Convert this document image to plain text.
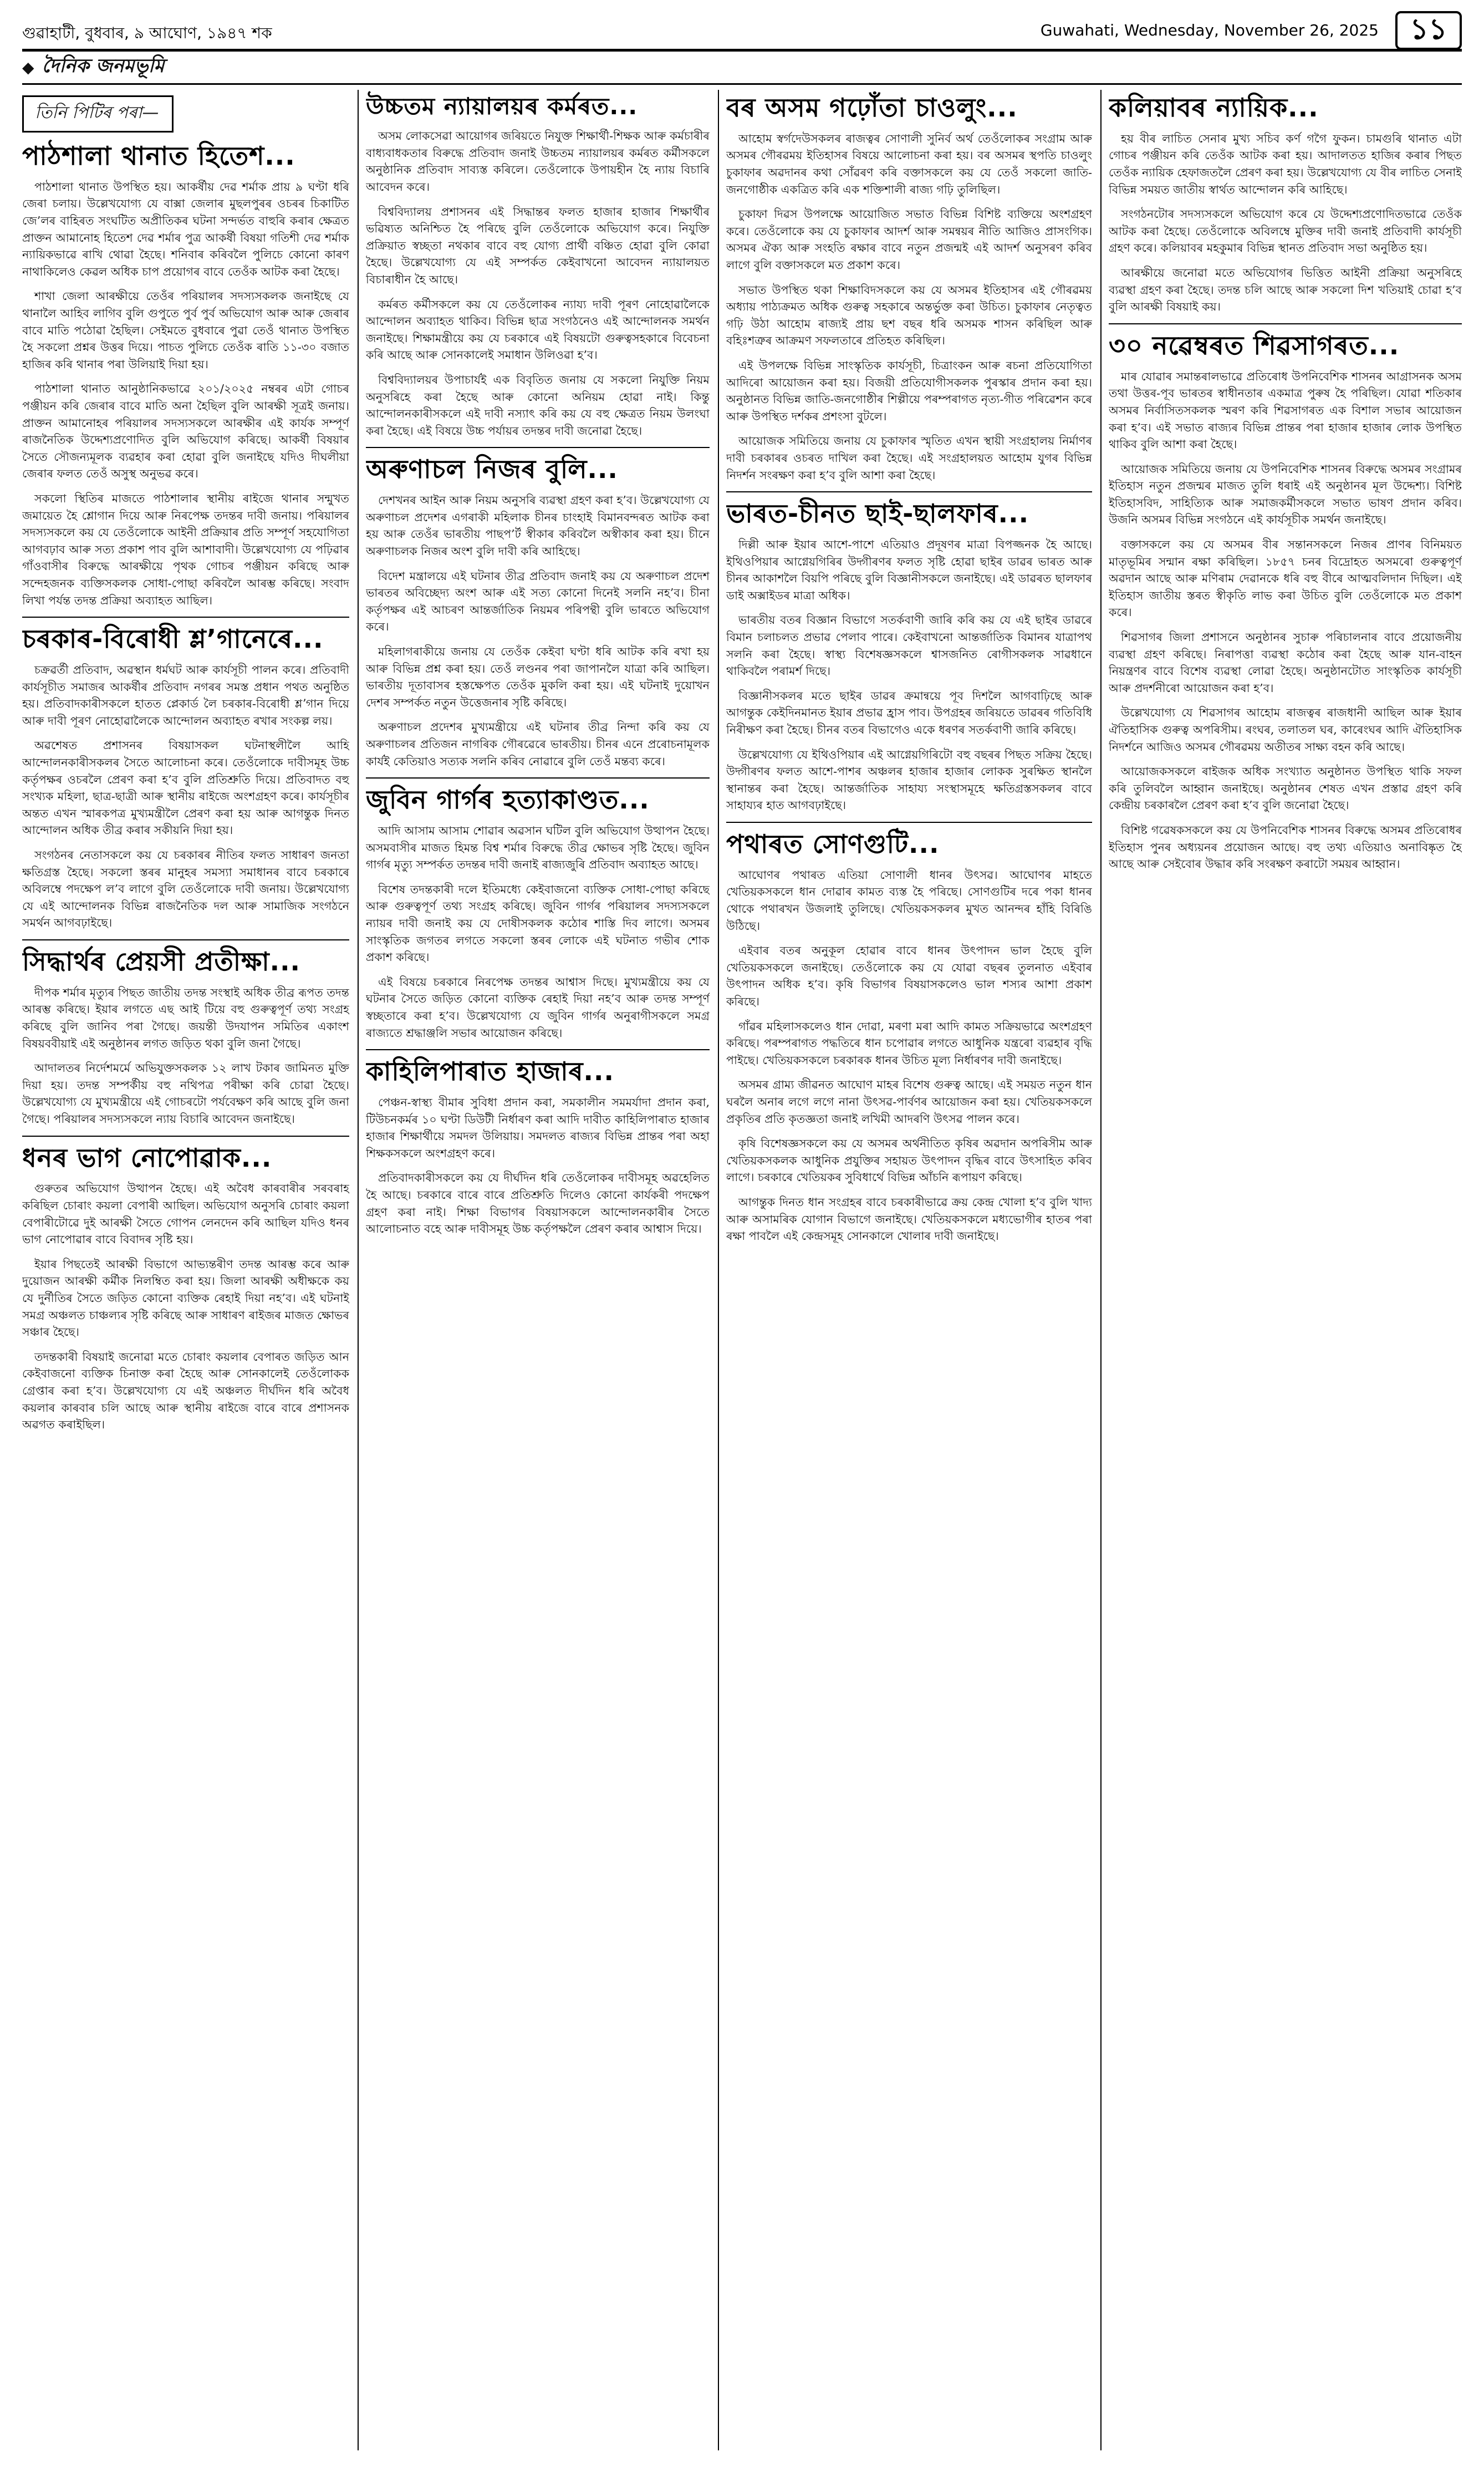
গুৱাহাটী, বুধবাৰ, ৯ আঘোণ, ১৯৪৭ শক	Guwahati, Wednesday, November 26, 2025	১১
◆ দৈনিক জনমভূমি
তিনি পিটিৰ পৰা—
পাঠশালা থানাত হিতেশ...

পাঠশালা থানাত উপস্থিত হয়। আকৰ্ষীয় দেৱ শৰ্মাক প্ৰায় ৯ ঘণ্টা ধৰি জেৰা চলায়। উল্লেখযোগ্য যে বাক্সা জেলাৰ মুছলপুৰৰ ওচৰৰ চিকাটিত জে’লৰ বাহিৰত সংঘটিত অপ্ৰীতিকৰ ঘটনা সন্দৰ্ভত বাহুৰি কৰাৰ ক্ষেত্ৰত প্ৰাক্তন আমানোহ হিতেশ দেৱ শৰ্মাৰ পুত্ৰ আকৰ্ষী বিষয়া গতিশী দেৱ শৰ্মাক ন্যায়িকভাৱে ৰাখি থোৱা হৈছে। শনিবাৰ কৰিবলৈ পুলিচে কোনো কাৰণ নাথাকিলেও কেৱল অধিক চাপ প্ৰয়োগৰ বাবে তেওঁক আটক কৰা হৈছে।

শাখা জেলা আৰক্ষীয়ে তেওঁৰ পৰিয়ালৰ সদস্যসকলক জনাইছে যে থানালৈ আহিব লাগিব বুলি গুপুতে পুৰ্ব পুৰ্ব অভিযোগ আৰু আৰু জেৰাৰ বাবে মাতি পঠোৱা হৈছিল। সেইমতে বুধবাৰে পুৱা তেওঁ থানাত উপস্থিত হৈ সকলো প্ৰশ্নৰ উত্তৰ দিয়ে। পাচত পুলিচে তেওঁক ৰাতি ১১-৩০ বজাত হাজিৰ কৰি থানাৰ পৰা উলিয়াই দিয়া হয়।

পাঠশালা থানাত আনুষ্ঠানিকভাৱে ২০১/২০২৫ নম্বৰৰ এটা গোচৰ পঞ্জীয়ন কৰি জেৰাৰ বাবে মাতি অনা হৈছিল বুলি আৰক্ষী সূত্ৰই জনায়। প্ৰাক্তন আমানোহৰ পৰিয়ালৰ সদস্যসকলে আৰক্ষীৰ এই কাৰ্যক সম্পূৰ্ণ ৰাজনৈতিক উদ্দেশ্যপ্ৰণোদিত বুলি অভিযোগ কৰিছে। আকৰ্ষী বিষয়াৰ সৈতে সৌজন্যমূলক ব্যৱহাৰ কৰা হোৱা বুলি জনাইছে যদিও দীঘলীয়া জেৰাৰ ফলত তেওঁ অসুস্থ অনুভৱ কৰে।

সকলো স্থিতিৰ মাজতে পাঠশালাৰ স্থানীয় ৰাইজে থানাৰ সন্মুখত জমায়েত হৈ শ্লোগান দিয়ে আৰু নিৰপেক্ষ তদন্তৰ দাবী জনায়। পৰিয়ালৰ সদস্যসকলে কয় যে তেওঁলোকে আইনী প্ৰক্ৰিয়াৰ প্ৰতি সম্পূৰ্ণ সহযোগিতা আগবঢ়াব আৰু সত্য প্ৰকাশ পাব বুলি আশাবাদী। উল্লেখযোগ্য যে পঢ়িৱাৰ গাঁওবাসীৰ বিৰুদ্ধে আৰক্ষীয়ে পৃথক গোচৰ পঞ্জীয়ন কৰিছে আৰু সন্দেহজনক ব্যক্তিসকলক সোধা-পোছা কৰিবলৈ আৰম্ভ কৰিছে। সংবাদ লিখা পৰ্যন্ত তদন্ত প্ৰক্ৰিয়া অব্যাহত আছিল।

চৰকাৰ-বিৰোধী শ্লʼগানেৰে...

চক্ৰৱৰ্তী প্ৰতিবাদ, অৱস্থান ধৰ্মঘট আৰু কাৰ্যসূচী পালন কৰে। প্ৰতিবাদী কাৰ্যসূচীত সমাজৰ আকৰ্ষীৰ প্ৰতিবাদ নগৰৰ সমস্ত প্ৰধান পথত অনুষ্ঠিত হয়। প্ৰতিবাদকাৰীসকলে হাতত প্লেকাৰ্ড লৈ চৰকাৰ-বিৰোধী শ্লʼগান দিয়ে আৰু দাবী পূৰণ নোহোৱালৈকে আন্দোলন অব্যাহত ৰখাৰ সংকল্প লয়।

অৱশেষত প্ৰশাসনৰ বিষয়াসকল ঘটনাস্থলীলৈ আহি আন্দোলনকাৰীসকলৰ সৈতে আলোচনা কৰে। তেওঁলোকে দাবীসমূহ উচ্চ কৰ্তৃপক্ষৰ ওচৰলৈ প্ৰেৰণ কৰা হ’ব বুলি প্ৰতিশ্ৰুতি দিয়ে। প্ৰতিবাদত বহু সংখ্যক মহিলা, ছাত্ৰ-ছাত্ৰী আৰু স্থানীয় ৰাইজে অংশগ্ৰহণ কৰে। কাৰ্যসূচীৰ অন্তত এখন স্মাৰকপত্ৰ মুখ্যমন্ত্ৰীলৈ প্ৰেৰণ কৰা হয় আৰু আগন্তুক দিনত আন্দোলন অধিক তীব্ৰ কৰাৰ সকীয়নি দিয়া হয়।

সংগঠনৰ নেতাসকলে কয় যে চৰকাৰৰ নীতিৰ ফলত সাধাৰণ জনতা ক্ষতিগ্ৰস্ত হৈছে। সকলো স্তৰৰ মানুহৰ সমস্যা সমাধানৰ বাবে চৰকাৰে অবিলম্বে পদক্ষেপ ল’ব লাগে বুলি তেওঁলোকে দাবী জনায়। উল্লেখযোগ্য যে এই আন্দোলনক বিভিন্ন ৰাজনৈতিক দল আৰু সামাজিক সংগঠনে সমৰ্থন আগবঢ়াইছে।

সিদ্ধাৰ্থৰ প্ৰেয়সী প্ৰতীক্ষা...

দীপক শৰ্মাৰ মৃত্যুৰ পিছত জাতীয় তদন্ত সংস্থাই অধিক তীব্ৰ ৰূপত তদন্ত আৰম্ভ কৰিছে। ইয়াৰ লগতে এছ আই টিয়ে বহু গুৰুত্বপূৰ্ণ তথ্য সংগ্ৰহ কৰিছে বুলি জানিব পৰা গৈছে। জয়ন্তী উদযাপন সমিতিৰ একাংশ বিষয়ববীয়াই এই অনুষ্ঠানৰ লগত জড়িত থকা বুলি জনা গৈছে।

আদালতৰ নিৰ্দেশমৰ্মে অভিযুক্তসকলক ১২ লাখ টকাৰ জামিনত মুক্তি দিয়া হয়। তদন্ত সম্পৰ্কীয় বহু নথিপত্ৰ পৰীক্ষা কৰি চোৱা হৈছে। উল্লেখযোগ্য যে মুখ্যমন্ত্ৰীয়ে এই গোচৰটো পৰ্যবেক্ষণ কৰি আছে বুলি জনা গৈছে। পৰিয়ালৰ সদস্যসকলে ন্যায় বিচাৰি আবেদন জনাইছে।

ধনৰ ভাগ নোপোৱাক...

গুৰুতৰ অভিযোগ উত্থাপন হৈছে। এই অবৈধ কাৰবাৰীৰ সৰবৰাহ কৰিছিল চোৰাং কয়লা বেপাৰী আছিল। অভিযোগ অনুসৰি চোৰাং কয়লা বেপাৰীটোৱে দুই আৰক্ষী সৈতে গোপন লেনদেন কৰি আছিল যদিও ধনৰ ভাগ নোপোৱাৰ বাবে বিবাদৰ সৃষ্টি হয়।

ইয়াৰ পিছতেই আৰক্ষী বিভাগে আভ্যন্তৰীণ তদন্ত আৰম্ভ কৰে আৰু দুয়োজন আৰক্ষী কৰ্মীক নিলম্বিত কৰা হয়। জিলা আৰক্ষী অধীক্ষকে কয় যে দুৰ্নীতিৰ সৈতে জড়িত কোনো ব্যক্তিক ৰেহাই দিয়া নহ’ব। এই ঘটনাই সমগ্ৰ অঞ্চলত চাঞ্চল্যৰ সৃষ্টি কৰিছে আৰু সাধাৰণ ৰাইজৰ মাজত ক্ষোভৰ সঞ্চাৰ হৈছে।

তদন্তকাৰী বিষয়াই জনোৱা মতে চোৰাং কয়লাৰ বেপাৰত জড়িত আন কেইবাজনো ব্যক্তিক চিনাক্ত কৰা হৈছে আৰু সোনকালেই তেওঁলোকক গ্ৰেপ্তাৰ কৰা হ’ব। উল্লেখযোগ্য যে এই অঞ্চলত দীৰ্ঘদিন ধৰি অবৈধ কয়লাৰ কাৰবাৰ চলি আছে আৰু স্থানীয় ৰাইজে বাৰে বাৰে প্ৰশাসনক অৱগত কৰাইছিল।

উচ্চতম ন্যায়ালয়ৰ কৰ্মৰত...

অসম লোকসেৱা আয়োগৰ জৰিয়তে নিযুক্ত শিক্ষাৰ্থী-শিক্ষক আৰু কৰ্মচাৰীৰ বাধ্যবাধকতাৰ বিৰুদ্ধে প্ৰতিবাদ জনাই উচ্চতম ন্যায়ালয়ৰ কৰ্মৰত কৰ্মীসকলে অনুষ্ঠানিক প্ৰতিবাদ সাব্যস্ত কৰিলে। তেওঁলোকে উপায়হীন হৈ ন্যায় বিচাৰি আবেদন কৰে।

বিশ্ববিদ্যালয় প্ৰশাসনৰ এই সিদ্ধান্তৰ ফলত হাজাৰ হাজাৰ শিক্ষাৰ্থীৰ ভৱিষ্যত অনিশ্চিত হৈ পৰিছে বুলি তেওঁলোকে অভিযোগ কৰে। নিযুক্তি প্ৰক্ৰিয়াত স্বচ্ছতা নথকাৰ বাবে বহু যোগ্য প্ৰাৰ্থী বঞ্চিত হোৱা বুলি কোৱা হৈছে। উল্লেখযোগ্য যে এই সম্পৰ্কত কেইবাখনো আবেদন ন্যায়ালয়ত বিচাৰাধীন হৈ আছে।

কৰ্মৰত কৰ্মীসকলে কয় যে তেওঁলোকৰ ন্যায্য দাবী পূৰণ নোহোৱালৈকে আন্দোলন অব্যাহত থাকিব। বিভিন্ন ছাত্ৰ সংগঠনেও এই আন্দোলনক সমৰ্থন জনাইছে। শিক্ষামন্ত্ৰীয়ে কয় যে চৰকাৰে এই বিষয়টো গুৰুত্বসহকাৰে বিবেচনা কৰি আছে আৰু সোনকালেই সমাধান উলিওৱা হ’ব।

বিশ্ববিদ্যালয়ৰ উপাচাৰ্যই এক বিবৃতিত জনায় যে সকলো নিযুক্তি নিয়ম অনুসৰিহে কৰা হৈছে আৰু কোনো অনিয়ম হোৱা নাই। কিন্তু আন্দোলনকাৰীসকলে এই দাবী নস্যাৎ কৰি কয় যে বহু ক্ষেত্ৰত নিয়ম উলংঘা কৰা হৈছে। এই বিষয়ে উচ্চ পৰ্যায়ৰ তদন্তৰ দাবী জনোৱা হৈছে।

অৰুণাচল নিজৰ বুলি...

দেশখনৰ আইন আৰু নিয়ম অনুসৰি ব্যৱস্থা গ্ৰহণ কৰা হ’ব। উল্লেখযোগ্য যে অৰুণাচল প্ৰদেশৰ এগৰাকী মহিলাক চীনৰ চাংহাই বিমানবন্দৰত আটক কৰা হয় আৰু তেওঁৰ ভাৰতীয় পাছপ’ৰ্ট স্বীকাৰ কৰিবলৈ অস্বীকাৰ কৰা হয়। চীনে অৰুণাচলক নিজৰ অংশ বুলি দাবী কৰি আহিছে।

বিদেশ মন্ত্ৰালয়ে এই ঘটনাৰ তীব্ৰ প্ৰতিবাদ জনাই কয় যে অৰুণাচল প্ৰদেশ ভাৰতৰ অবিচ্ছেদ্য অংশ আৰু এই সত্য কোনো দিনেই সলনি নহ’ব। চীনা কৰ্তৃপক্ষৰ এই আচৰণ আন্তৰ্জাতিক নিয়মৰ পৰিপন্থী বুলি ভাৰতে অভিযোগ কৰে।

মহিলাগৰাকীয়ে জনায় যে তেওঁক কেইবা ঘণ্টা ধৰি আটক কৰি ৰখা হয় আৰু বিভিন্ন প্ৰশ্ন কৰা হয়। তেওঁ লণ্ডনৰ পৰা জাপানলৈ যাত্ৰা কৰি আছিল। ভাৰতীয় দূতাবাসৰ হস্তক্ষেপত তেওঁক মুকলি কৰা হয়। এই ঘটনাই দুয়োখন দেশৰ সম্পৰ্কত নতুন উত্তেজনাৰ সৃষ্টি কৰিছে।

অৰুণাচল প্ৰদেশৰ মুখ্যমন্ত্ৰীয়ে এই ঘটনাৰ তীব্ৰ নিন্দা কৰি কয় যে অৰুণাচলৰ প্ৰতিজন নাগৰিক গৌৰৱেৰে ভাৰতীয়। চীনৰ এনে প্ৰৰোচনামূলক কাৰ্যই কেতিয়াও সত্যক সলনি কৰিব নোৱাৰে বুলি তেওঁ মন্তব্য কৰে।

জুবিন গাৰ্গৰ হত্যাকাণ্ডত...

আদি আসাম আসাম শোৱাৰ অৱসান ঘটিল বুলি অভিযোগ উত্থাপন হৈছে। অসমবাসীৰ মাজত হিমন্ত বিশ্ব শৰ্মাৰ বিৰুদ্ধে তীব্ৰ ক্ষোভৰ সৃষ্টি হৈছে। জুবিন গাৰ্গৰ মৃত্যু সম্পৰ্কত তদন্তৰ দাবী জনাই ৰাজ্যজুৰি প্ৰতিবাদ অব্যাহত আছে।

বিশেষ তদন্তকাৰী দলে ইতিমধ্যে কেইবাজনো ব্যক্তিক সোধা-পোছা কৰিছে আৰু গুৰুত্বপূৰ্ণ তথ্য সংগ্ৰহ কৰিছে। জুবিন গাৰ্গৰ পৰিয়ালৰ সদস্যসকলে ন্যায়ৰ দাবী জনাই কয় যে দোষীসকলক কঠোৰ শাস্তি দিব লাগে। অসমৰ সাংস্কৃতিক জগতৰ লগতে সকলো স্তৰৰ লোকে এই ঘটনাত গভীৰ শোক প্ৰকাশ কৰিছে।

এই বিষয়ে চৰকাৰে নিৰপেক্ষ তদন্তৰ আশ্বাস দিছে। মুখ্যমন্ত্ৰীয়ে কয় যে ঘটনাৰ সৈতে জড়িত কোনো ব্যক্তিক ৰেহাই দিয়া নহ’ব আৰু তদন্ত সম্পূৰ্ণ স্বচ্ছতাৰে কৰা হ’ব। উল্লেখযোগ্য যে জুবিন গাৰ্গৰ অনুৰাগীসকলে সমগ্ৰ ৰাজ্যতে শ্ৰদ্ধাঞ্জলি সভাৰ আয়োজন কৰিছে।

কাহিলিপাৰাত হাজাৰ...

পেঞ্চন-স্বাস্থ্য বীমাৰ সুবিধা প্ৰদান কৰা, সমকালীন সমমৰ্যাদা প্ৰদান কৰা, টিউচনকৰ্মৰ ১০ ঘণ্টা ডিউটী নিৰ্ধাৰণ কৰা আদি দাবীত কাহিলিপাৰাত হাজাৰ হাজাৰ শিক্ষাৰ্থীয়ে সমদল উলিয়ায়। সমদলত ৰাজ্যৰ বিভিন্ন প্ৰান্তৰ পৰা অহা শিক্ষকসকলে অংশগ্ৰহণ কৰে।

প্ৰতিবাদকাৰীসকলে কয় যে দীৰ্ঘদিন ধৰি তেওঁলোকৰ দাবীসমূহ অৱহেলিত হৈ আছে। চৰকাৰে বাৰে বাৰে প্ৰতিশ্ৰুতি দিলেও কোনো কাৰ্যকৰী পদক্ষেপ গ্ৰহণ কৰা নাই। শিক্ষা বিভাগৰ বিষয়াসকলে আন্দোলনকাৰীৰ সৈতে আলোচনাত বহে আৰু দাবীসমূহ উচ্চ কৰ্তৃপক্ষলৈ প্ৰেৰণ কৰাৰ আশ্বাস দিয়ে।

বৰ অসম গঢ়োঁতা চাওলুং...

আহোম স্বৰ্গদেউসকলৰ ৰাজত্বৰ সোণালী সুনিৰ্ব অৰ্থ তেওঁলোকৰ সংগ্ৰাম আৰু অসমৰ গৌৰৱময় ইতিহাসৰ বিষয়ে আলোচনা কৰা হয়। বৰ অসমৰ স্থপতি চাওলুং চুকাফাৰ অৱদানৰ কথা সোঁৱৰণ কৰি বক্তাসকলে কয় যে তেওঁ সকলো জাতি-জনগোষ্ঠীক একত্ৰিত কৰি এক শক্তিশালী ৰাজ্য গঢ়ি তুলিছিল।

চুকাফা দিৱস উপলক্ষে আয়োজিত সভাত বিভিন্ন বিশিষ্ট ব্যক্তিয়ে অংশগ্ৰহণ কৰে। তেওঁলোকে কয় যে চুকাফাৰ আদৰ্শ আৰু সমন্বয়ৰ নীতি আজিও প্ৰাসংগিক। অসমৰ ঐক্য আৰু সংহতি ৰক্ষাৰ বাবে নতুন প্ৰজন্মই এই আদৰ্শ অনুসৰণ কৰিব লাগে বুলি বক্তাসকলে মত প্ৰকাশ কৰে।

সভাত উপস্থিত থকা শিক্ষাবিদসকলে কয় যে অসমৰ ইতিহাসৰ এই গৌৰৱময় অধ্যায় পাঠ্যক্ৰমত অধিক গুৰুত্ব সহকাৰে অন্তৰ্ভুক্ত কৰা উচিত। চুকাফাৰ নেতৃত্বত গঢ়ি উঠা আহোম ৰাজ্যই প্ৰায় ছশ বছৰ ধৰি অসমক শাসন কৰিছিল আৰু বহিঃশত্ৰুৰ আক্ৰমণ সফলতাৰে প্ৰতিহত কৰিছিল।

এই উপলক্ষে বিভিন্ন সাংস্কৃতিক কাৰ্যসূচী, চিত্ৰাংকন আৰু ৰচনা প্ৰতিযোগিতা আদিৰো আয়োজন কৰা হয়। বিজয়ী প্ৰতিযোগীসকলক পুৰস্কাৰ প্ৰদান কৰা হয়। অনুষ্ঠানত বিভিন্ন জাতি-জনগোষ্ঠীৰ শিল্পীয়ে পৰম্পৰাগত নৃত্য-গীত পৰিৱেশন কৰে আৰু উপস্থিত দৰ্শকৰ প্ৰশংসা বুটলে।

আয়োজক সমিতিয়ে জনায় যে চুকাফাৰ স্মৃতিত এখন স্থায়ী সংগ্ৰহালয় নিৰ্মাণৰ দাবী চৰকাৰৰ ওচৰত দাখিল কৰা হৈছে। এই সংগ্ৰহালয়ত আহোম যুগৰ বিভিন্ন নিদৰ্শন সংৰক্ষণ কৰা হ’ব বুলি আশা কৰা হৈছে।

ভাৰত-চীনত ছাই-ছালফাৰ...

দিল্লী আৰু ইয়াৰ আশে-পাশে এতিয়াও প্ৰদূষণৰ মাত্ৰা বিপজ্জনক হৈ আছে। ইথিওপিয়াৰ আগ্নেয়গিৰিৰ উদ্গীৰণৰ ফলত সৃষ্টি হোৱা ছাইৰ ডাৱৰ ভাৰত আৰু চীনৰ আকাশলৈ বিয়পি পৰিছে বুলি বিজ্ঞানীসকলে জনাইছে। এই ডাৱৰত ছালফাৰ ডাই অক্সাইডৰ মাত্ৰা অধিক।

ভাৰতীয় বতৰ বিজ্ঞান বিভাগে সতৰ্কবাণী জাৰি কৰি কয় যে এই ছাইৰ ডাৱৰে বিমান চলাচলত প্ৰভাৱ পেলাব পাৰে। কেইবাখনো আন্তৰ্জাতিক বিমানৰ যাত্ৰাপথ সলনি কৰা হৈছে। স্বাস্থ্য বিশেষজ্ঞসকলে শ্বাসজনিত ৰোগীসকলক সাৱধানে থাকিবলৈ পৰামৰ্শ দিছে।

বিজ্ঞানীসকলৰ মতে ছাইৰ ডাৱৰ ক্ৰমান্বয়ে পূব দিশলৈ আগবাঢ়িছে আৰু আগন্তুক কেইদিনমানত ইয়াৰ প্ৰভাৱ হ্ৰাস পাব। উপগ্ৰহৰ জৰিয়তে ডাৱৰৰ গতিবিধি নিৰীক্ষণ কৰা হৈছে। চীনৰ বতৰ বিভাগেও একে ধৰণৰ সতৰ্কবাণী জাৰি কৰিছে।

উল্লেখযোগ্য যে ইথিওপিয়াৰ এই আগ্নেয়গিৰিটো বহু বছৰৰ পিছত সক্ৰিয় হৈছে। উদ্গীৰণৰ ফলত আশে-পাশৰ অঞ্চলৰ হাজাৰ হাজাৰ লোকক সুৰক্ষিত স্থানলৈ স্থানান্তৰ কৰা হৈছে। আন্তৰ্জাতিক সাহায্য সংস্থাসমূহে ক্ষতিগ্ৰস্তসকলৰ বাবে সাহায্যৰ হাত আগবঢ়াইছে।

পথাৰত সোণগুটি...

আঘোণৰ পথাৰত এতিয়া সোণালী ধানৰ উৎসৱ। আঘোণৰ মাহতে খেতিয়কসকলে ধান দোৱাৰ কামত ব্যস্ত হৈ পৰিছে। সোণগুটিৰ দৰে পকা ধানৰ থোকে পথাৰখন উজলাই তুলিছে। খেতিয়কসকলৰ মুখত আনন্দৰ হাঁহি বিৰিঙি উঠিছে।

এইবাৰ বতৰ অনুকূল হোৱাৰ বাবে ধানৰ উৎপাদন ভাল হৈছে বুলি খেতিয়কসকলে জনাইছে। তেওঁলোকে কয় যে যোৱা বছৰৰ তুলনাত এইবাৰ উৎপাদন অধিক হ’ব। কৃষি বিভাগৰ বিষয়াসকলেও ভাল শস্যৰ আশা প্ৰকাশ কৰিছে।

গাঁৱৰ মহিলাসকলেও ধান দোৱা, মৰণা মৰা আদি কামত সক্ৰিয়ভাৱে অংশগ্ৰহণ কৰিছে। পৰম্পৰাগত পদ্ধতিৰে ধান চপোৱাৰ লগতে আধুনিক যন্ত্ৰৰো ব্যৱহাৰ বৃদ্ধি পাইছে। খেতিয়কসকলে চৰকাৰক ধানৰ উচিত মূল্য নিৰ্ধাৰণৰ দাবী জনাইছে।

অসমৰ গ্ৰাম্য জীৱনত আঘোণ মাহৰ বিশেষ গুৰুত্ব আছে। এই সময়ত নতুন ধান ঘৰলৈ অনাৰ লগে লগে নানা উৎসৱ-পাৰ্বণৰ আয়োজন কৰা হয়। খেতিয়কসকলে প্ৰকৃতিৰ প্ৰতি কৃতজ্ঞতা জনাই লখিমী আদৰণি উৎসৱ পালন কৰে।

কৃষি বিশেষজ্ঞসকলে কয় যে অসমৰ অৰ্থনীতিত কৃষিৰ অৱদান অপৰিসীম আৰু খেতিয়কসকলক আধুনিক প্ৰযুক্তিৰ সহায়ত উৎপাদন বৃদ্ধিৰ বাবে উৎসাহিত কৰিব লাগে। চৰকাৰে খেতিয়কৰ সুবিধাৰ্থে বিভিন্ন আঁচনি ৰূপায়ণ কৰিছে।

আগন্তুক দিনত ধান সংগ্ৰহৰ বাবে চৰকাৰীভাৱে ক্ৰয় কেন্দ্ৰ খোলা হ’ব বুলি খাদ্য আৰু অসামৰিক যোগান বিভাগে জনাইছে। খেতিয়কসকলে মধ্যভোগীৰ হাতৰ পৰা ৰক্ষা পাবলৈ এই কেন্দ্ৰসমূহ সোনকালে খোলাৰ দাবী জনাইছে।

কলিয়াবৰ ন্যায়িক...

হয় বীৰ লাচিত সেনাৰ মুখ্য সচিব কৰ্ণ গগৈ ফুকন। চামগুৰি থানাত এটা গোচৰ পঞ্জীয়ন কৰি তেওঁক আটক কৰা হয়। আদালতত হাজিৰ কৰাৰ পিছত তেওঁক ন্যায়িক হেফাজতলৈ প্ৰেৰণ কৰা হয়। উল্লেখযোগ্য যে বীৰ লাচিত সেনাই বিভিন্ন সময়ত জাতীয় স্বাৰ্থত আন্দোলন কৰি আহিছে।

সংগঠনটোৰ সদস্যসকলে অভিযোগ কৰে যে উদ্দেশ্যপ্ৰণোদিতভাৱে তেওঁক আটক কৰা হৈছে। তেওঁলোকে অবিলম্বে মুক্তিৰ দাবী জনাই প্ৰতিবাদী কাৰ্যসূচী গ্ৰহণ কৰে। কলিয়াবৰ মহকুমাৰ বিভিন্ন স্থানত প্ৰতিবাদ সভা অনুষ্ঠিত হয়।

আৰক্ষীয়ে জনোৱা মতে অভিযোগৰ ভিত্তিত আইনী প্ৰক্ৰিয়া অনুসৰিহে ব্যৱস্থা গ্ৰহণ কৰা হৈছে। তদন্ত চলি আছে আৰু সকলো দিশ খতিয়াই চোৱা হ’ব বুলি আৰক্ষী বিষয়াই কয়।

৩০ নৱেম্বৰত শিৱসাগৰত...

মাৰ যোৱাৰ সমান্তৰালভাৱে প্ৰতিৰোধ উপনিবেশিক শাসনৰ আগ্ৰাসনক অসম তথা উত্তৰ-পূব ভাৰতৰ স্বাধীনতাৰ একমাত্ৰ পুৰুষ হৈ পৰিছিল। যোৱা শতিকাৰ অসমৰ নিৰ্বাসিতসকলক স্মৰণ কৰি শিৱসাগৰত এক বিশাল সভাৰ আয়োজন কৰা হ’ব। এই সভাত ৰাজ্যৰ বিভিন্ন প্ৰান্তৰ পৰা হাজাৰ হাজাৰ লোক উপস্থিত থাকিব বুলি আশা কৰা হৈছে।

আয়োজক সমিতিয়ে জনায় যে উপনিবেশিক শাসনৰ বিৰুদ্ধে অসমৰ সংগ্ৰামৰ ইতিহাস নতুন প্ৰজন্মৰ মাজত তুলি ধৰাই এই অনুষ্ঠানৰ মূল উদ্দেশ্য। বিশিষ্ট ইতিহাসবিদ, সাহিত্যিক আৰু সমাজকৰ্মীসকলে সভাত ভাষণ প্ৰদান কৰিব। উজনি অসমৰ বিভিন্ন সংগঠনে এই কাৰ্যসূচীক সমৰ্থন জনাইছে।

বক্তাসকলে কয় যে অসমৰ বীৰ সন্তানসকলে নিজৰ প্ৰাণৰ বিনিময়ত মাতৃভূমিৰ সন্মান ৰক্ষা কৰিছিল। ১৮৫৭ চনৰ বিদ্ৰোহত অসমৰো গুৰুত্বপূৰ্ণ অৱদান আছে আৰু মণিৰাম দেৱানকে ধৰি বহু বীৰে আত্মবলিদান দিছিল। এই ইতিহাস জাতীয় স্তৰত স্বীকৃতি লাভ কৰা উচিত বুলি তেওঁলোকে মত প্ৰকাশ কৰে।

শিৱসাগৰ জিলা প্ৰশাসনে অনুষ্ঠানৰ সুচাৰু পৰিচালনাৰ বাবে প্ৰয়োজনীয় ব্যৱস্থা গ্ৰহণ কৰিছে। নিৰাপত্তা ব্যৱস্থা কঠোৰ কৰা হৈছে আৰু যান-বাহন নিয়ন্ত্ৰণৰ বাবে বিশেষ ব্যৱস্থা লোৱা হৈছে। অনুষ্ঠানটোত সাংস্কৃতিক কাৰ্যসূচী আৰু প্ৰদৰ্শনীৰো আয়োজন কৰা হ’ব।

উল্লেখযোগ্য যে শিৱসাগৰ আহোম ৰাজত্বৰ ৰাজধানী আছিল আৰু ইয়াৰ ঐতিহাসিক গুৰুত্ব অপৰিসীম। ৰংঘৰ, তলাতল ঘৰ, কাৰেংঘৰ আদি ঐতিহাসিক নিদৰ্শনে আজিও অসমৰ গৌৰৱময় অতীতৰ সাক্ষ্য বহন কৰি আছে।

আয়োজকসকলে ৰাইজক অধিক সংখ্যাত অনুষ্ঠানত উপস্থিত থাকি সফল কৰি তুলিবলৈ আহ্বান জনাইছে। অনুষ্ঠানৰ শেষত এখন প্ৰস্তাৱ গ্ৰহণ কৰি কেন্দ্ৰীয় চৰকাৰলৈ প্ৰেৰণ কৰা হ’ব বুলি জনোৱা হৈছে।

বিশিষ্ট গৱেষকসকলে কয় যে উপনিবেশিক শাসনৰ বিৰুদ্ধে অসমৰ প্ৰতিৰোধৰ ইতিহাস পুনৰ অধ্যয়নৰ প্ৰয়োজন আছে। বহু তথ্য এতিয়াও অনাবিষ্কৃত হৈ আছে আৰু সেইবোৰ উদ্ধাৰ কৰি সংৰক্ষণ কৰাটো সময়ৰ আহ্বান।
